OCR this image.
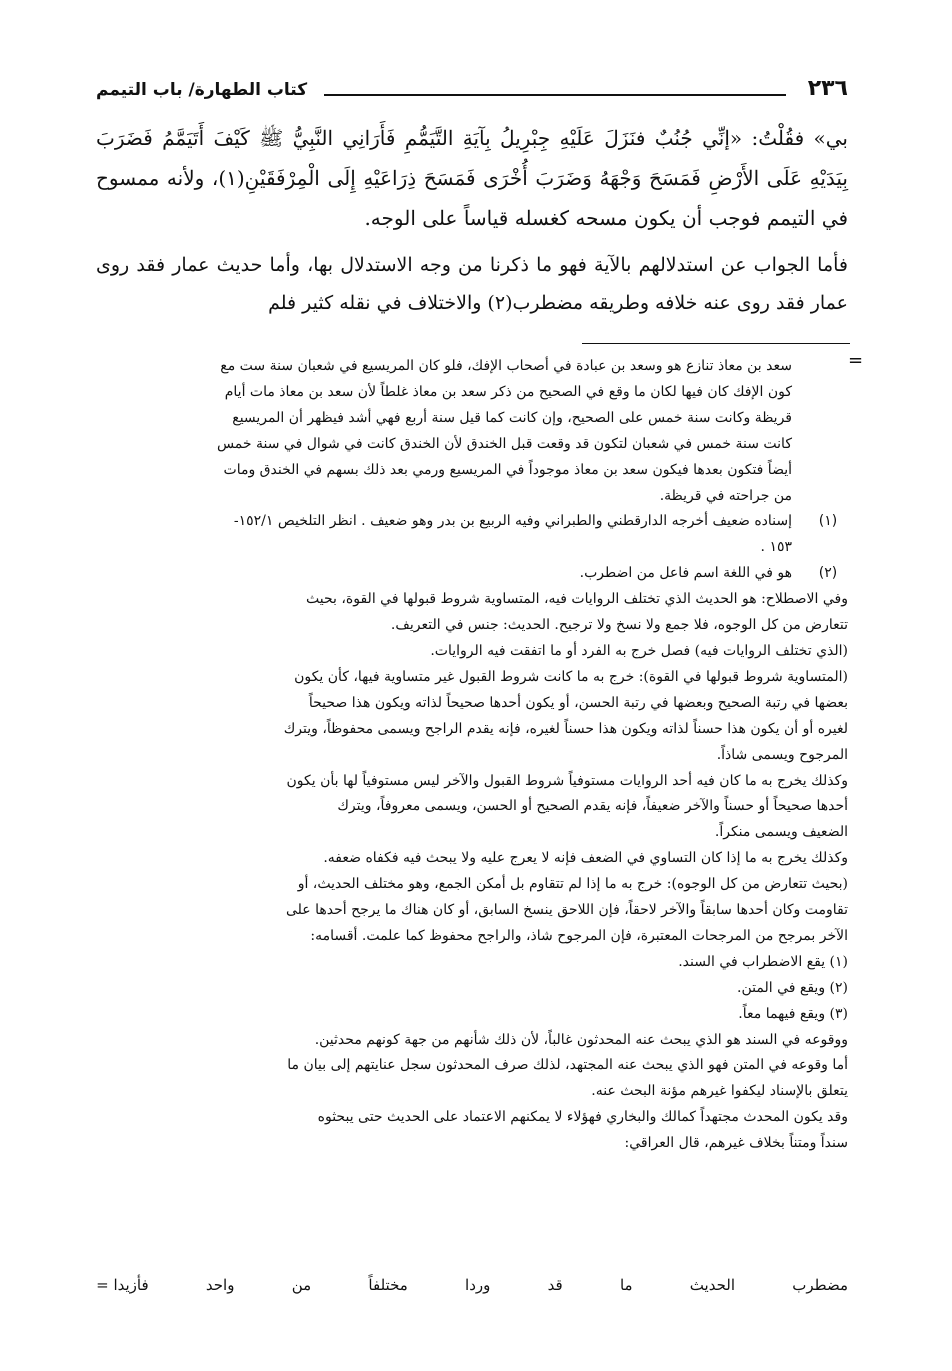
٢٣٦
كتاب الطهارة/ باب التيمم

بي» فقُلْتُ: «إنِّي جُنُبٌ فنَزَلَ عَلَيْهِ جِبْرِيلُ بِآيَةِ التَّيَمُّمِ فَأَرَانِي النَّبِيُّ ﷺ كَيْفَ أَتَيَمَّمُ فَضَرَبَ بِيَدَيْهِ عَلَى الأَرْضِ فَمَسَحَ وَجْهَهُ وَضَرَبَ أُخْرَى فَمَسَحَ ذِرَاعَيْهِ إِلَى الْمِرْفَقَيْنِ(١)، ولأنه ممسوح في التيمم فوجب أن يكون مسحه كغسله قياساً على الوجه.

فأما الجواب عن استدلالهم بالآية فهو ما ذكرنا من وجه الاستدلال بها، وأما حديث عمار فقد روى عمار فقد روى عنه خلافه وطريقه مضطرب(٢) والاختلاف في نقله كثير فلم

=

سعد بن معاذ تنازع هو وسعد بن عبادة في أصحاب الإفك، فلو كان المريسيع في شعبان سنة ست مع

كون الإفك كان فيها لكان ما وقع في الصحيح من ذكر سعد بن معاذ غلطاً لأن سعد بن معاذ مات أيام

قريظة وكانت سنة خمس على الصحيح، وإن كانت كما قيل سنة أربع فهي أشد فيظهر أن المريسيع

كانت سنة خمس في شعبان لتكون قد وقعت قبل الخندق لأن الخندق كانت في شوال في سنة خمس

أيضاً فتكون بعدها فيكون سعد بن معاذ موجوداً في المريسيع ورمي بعد ذلك بسهم في الخندق ومات

من جراحته في قريظة.

(١)

إسناده ضعيف أخرجه الدارقطني والطبراني وفيه الربيع بن بدر وهو ضعيف . انظر التلخيص ١٥٢/١-

١٥٣ .

(٢)

هو في اللغة اسم فاعل من اضطرب.

وفي الاصطلاح: هو الحديث الذي تختلف الروايات فيه، المتساوية شروط قبولها في القوة، بحيث

تتعارض من كل الوجوه، فلا جمع ولا نسخ ولا ترجيح. الحديث: جنس في التعريف.

(الذي تختلف الروايات فيه) فصل خرج به الفرد أو ما اتفقت فيه الروايات.

(المتساوية شروط قبولها في القوة): خرج به ما كانت شروط القبول غير متساوية فيها، كأن يكون

بعضها في رتبة الصحيح وبعضها في رتبة الحسن، أو يكون أحدها صحيحاً لذاته ويكون هذا صحيحاً

لغيره أو أن يكون هذا حسناً لذاته ويكون هذا حسناً لغيره، فإنه يقدم الراجح ويسمى محفوظاً، ويترك

المرجوح ويسمى شاذاً.

وكذلك يخرج به ما كان فيه أحد الروايات مستوفياً شروط القبول والآخر ليس مستوفياً لها بأن يكون

أحدها صحيحاً أو حسناً والآخر ضعيفاً، فإنه يقدم الصحيح أو الحسن، ويسمى معروفاً، ويترك

الضعيف ويسمى منكراً.

وكذلك يخرج به ما إذا كان التساوي في الضعف فإنه لا يعرج عليه ولا يبحث فيه فكفاه ضعفه.

(بحيث تتعارض من كل الوجوه): خرج به ما إذا لم تتقاوم بل أمكن الجمع، وهو مختلف الحديث، أو

تقاومت وكان أحدها سابقاً والآخر لاحقاً، فإن اللاحق ينسخ السابق، أو كان هناك ما يرجح أحدها على

الآخر بمرجح من المرجحات المعتبرة، فإن المرجوح شاذ، والراجح محفوظ كما علمت. أقسامه:

(١) يقع الاضطراب في السند.

(٢) ويقع في المتن.

(٣) ويقع فيهما معاً.

ووقوعه في السند هو الذي يبحث عنه المحدثون غالباً، لأن ذلك شأنهم من جهة كونهم محدثين.

أما وقوعه في المتن فهو الذي يبحث عنه المجتهد، لذلك صرف المحدثون سجل عنايتهم إلى بيان ما

يتعلق بالإسناد ليكفوا غيرهم مؤنة البحث عنه.

وقد يكون المحدث مجتهداً كمالك والبخاري فهؤلاء لا يمكنهم الاعتماد على الحديث حتى يبحثوه

سنداً ومتناً بخلاف غيرهم، قال العراقي:

مضطرب
الحديث
ما
قد
وردا
مختلفاً
من
واحد
فأزيدا =
